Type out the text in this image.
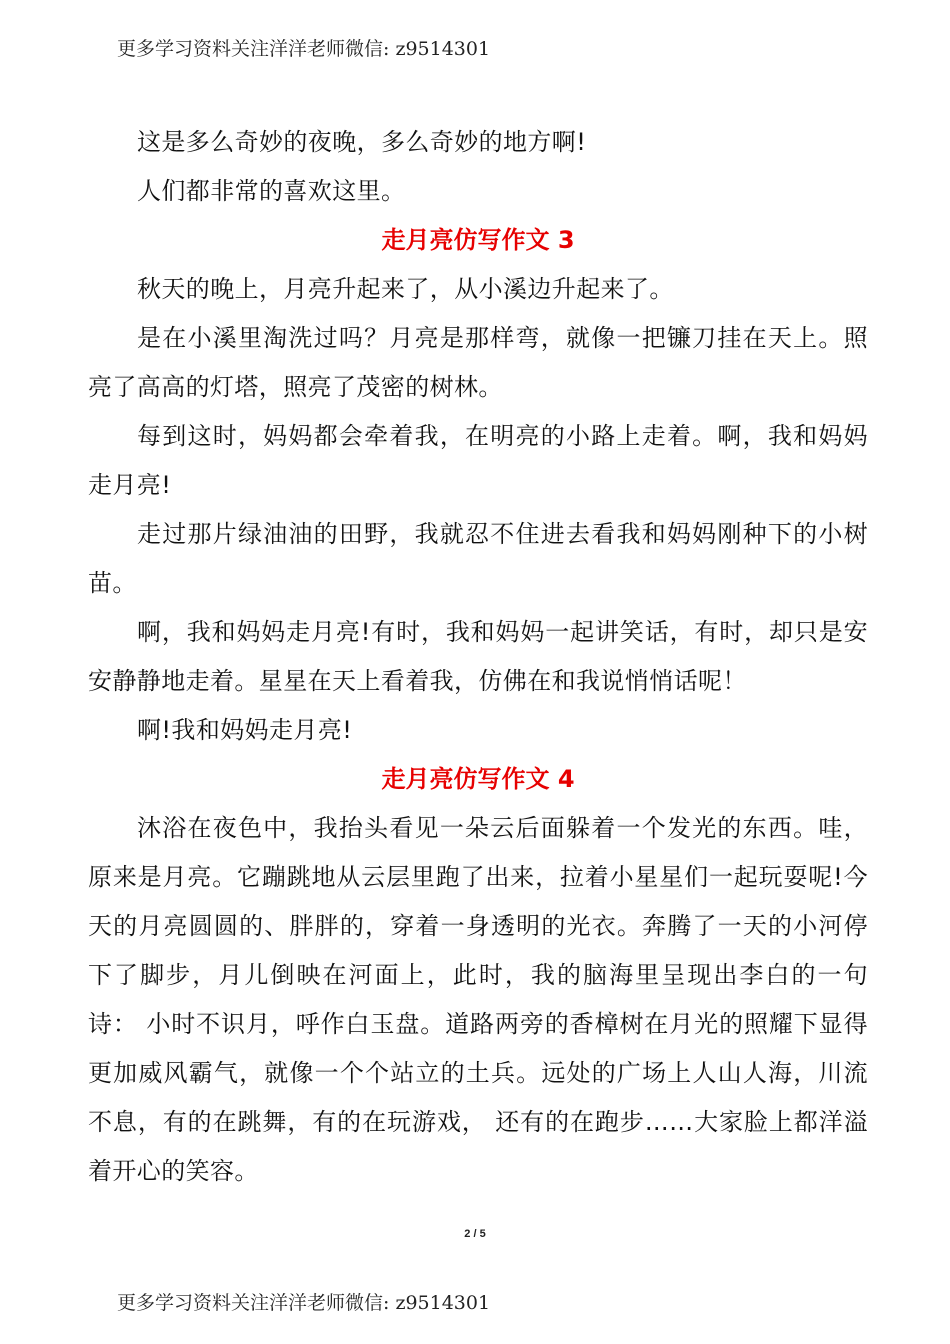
更多学习资料关注洋洋老师微信: z9514301

这是多么奇妙的夜晚，多么奇妙的地方啊!

人们都非常的喜欢这里。

走月亮仿写作文 3

秋天的晚上，月亮升起来了，从小溪边升起来了。

是在小溪里淘洗过吗？月亮是那样弯，就像一把镰刀挂在天上。照亮了高高的灯塔，照亮了茂密的树林。

每到这时，妈妈都会牵着我，在明亮的小路上走着。啊，我和妈妈走月亮!

走过那片绿油油的田野，我就忍不住进去看我和妈妈刚种下的小树苗。

啊，我和妈妈走月亮!有时，我和妈妈一起讲笑话，有时，却只是安安静静地走着。星星在天上看着我，仿佛在和我说悄悄话呢！

啊!我和妈妈走月亮!

走月亮仿写作文 4

沐浴在夜色中，我抬头看见一朵云后面躲着一个发光的东西。哇，原来是月亮。它蹦跳地从云层里跑了出来，拉着小星星们一起玩耍呢!今天的月亮圆圆的、胖胖的，穿着一身透明的光衣。奔腾了一天的小河停下了脚步，月儿倒映在河面上，此时，我的脑海里呈现出李白的一句诗： 小时不识月，呼作白玉盘。道路两旁的香樟树在月光的照耀下显得更加威风霸气，就像一个个站立的土兵。远处的广场上人山人海，川流不息，有的在跳舞，有的在玩游戏， 还有的在跑步……大家脸上都洋溢着开心的笑容。

2 / 5
更多学习资料关注洋洋老师微信: z9514301
